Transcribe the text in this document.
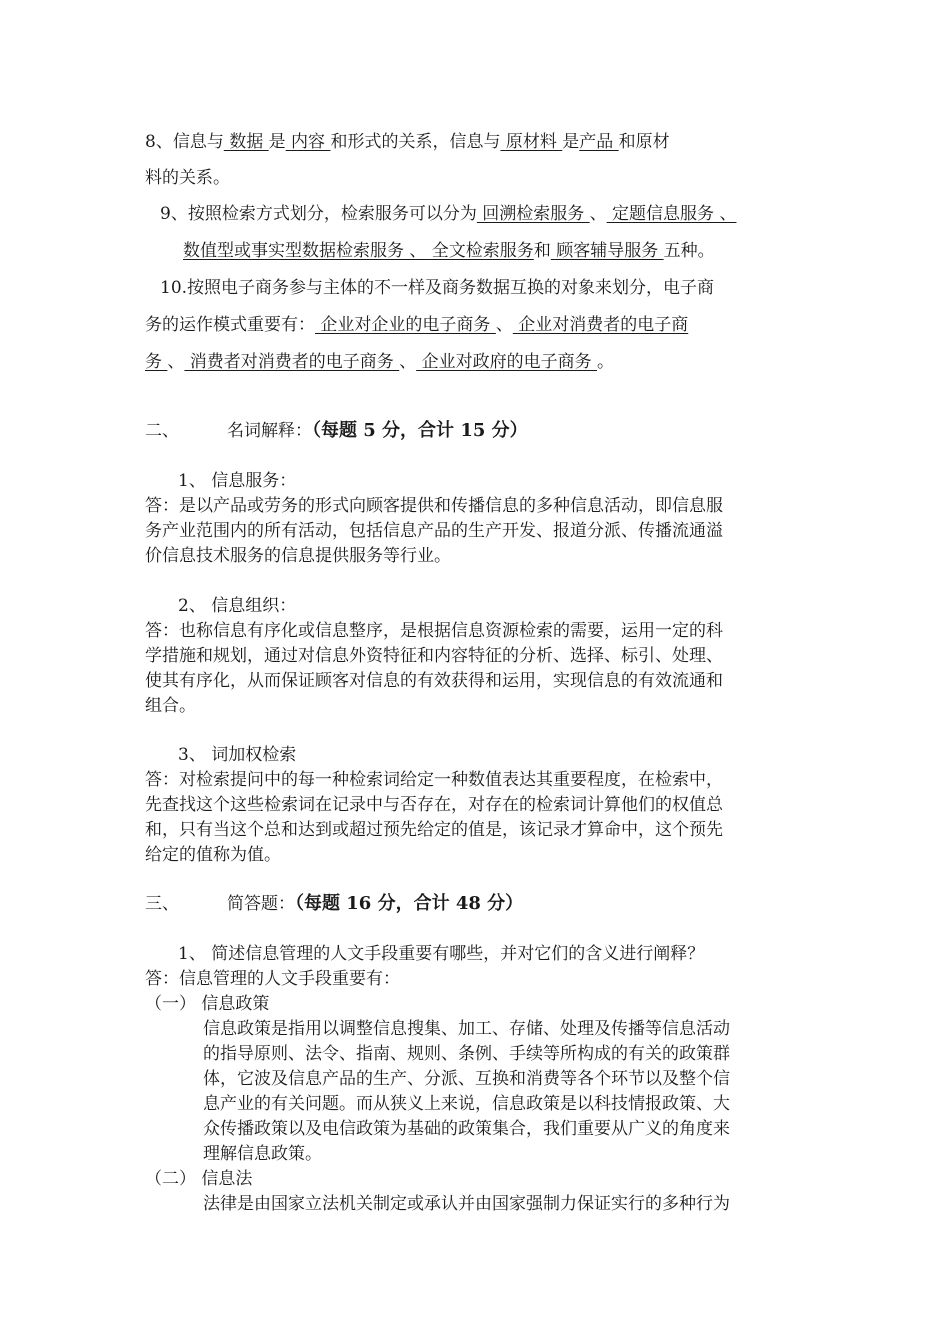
8、信息与 数据 是 内容 和形式的关系，信息与 原材料 是产品 和原材
料的关系。
9、按照检索方式划分，检索服务可以分为 回溯检索服务 、 定题信息服务 、
数值型或事实型数据检索服务 、 全文检索服务和 顾客辅导服务 五种。
10.按照电子商务参与主体的不一样及商务数据互换的对象来划分，电子商
务的运作模式重要有： 企业对企业的电子商务 、 企业对消费者的电子商
务 、 消费者对消费者的电子商务 、 企业对政府的电子商务 。
二、	名词解释：（每题 5 分，合计 15 分）
1、 信息服务：
答：是以产品或劳务的形式向顾客提供和传播信息的多种信息活动，即信息服
务产业范围内的所有活动，包括信息产品的生产开发、报道分派、传播流通溢
价信息技术服务的信息提供服务等行业。
2、 信息组织：
答：也称信息有序化或信息整序，是根据信息资源检索的需要，运用一定的科
学措施和规划，通过对信息外资特征和内容特征的分析、选择、标引、处理、
使其有序化，从而保证顾客对信息的有效获得和运用，实现信息的有效流通和
组合。
3、 词加权检索
答：对检索提问中的每一种检索词给定一种数值表达其重要程度，在检索中，
先查找这个这些检索词在记录中与否存在，对存在的检索词计算他们的权值总
和，只有当这个总和达到或超过预先给定的值是，该记录才算命中，这个预先
给定的值称为值。
三、	简答题：（每题 16 分，合计 48 分）
1、 简述信息管理的人文手段重要有哪些，并对它们的含义进行阐释？
答：信息管理的人文手段重要有：
（一） 信息政策
信息政策是指用以调整信息搜集、加工、存储、处理及传播等信息活动
的指导原则、法令、指南、规则、条例、手续等所构成的有关的政策群
体，它波及信息产品的生产、分派、互换和消费等各个环节以及整个信
息产业的有关问题。而从狭义上来说，信息政策是以科技情报政策、大
众传播政策以及电信政策为基础的政策集合，我们重要从广义的角度来
理解信息政策。
（二） 信息法
法律是由国家立法机关制定或承认并由国家强制力保证实行的多种行为
